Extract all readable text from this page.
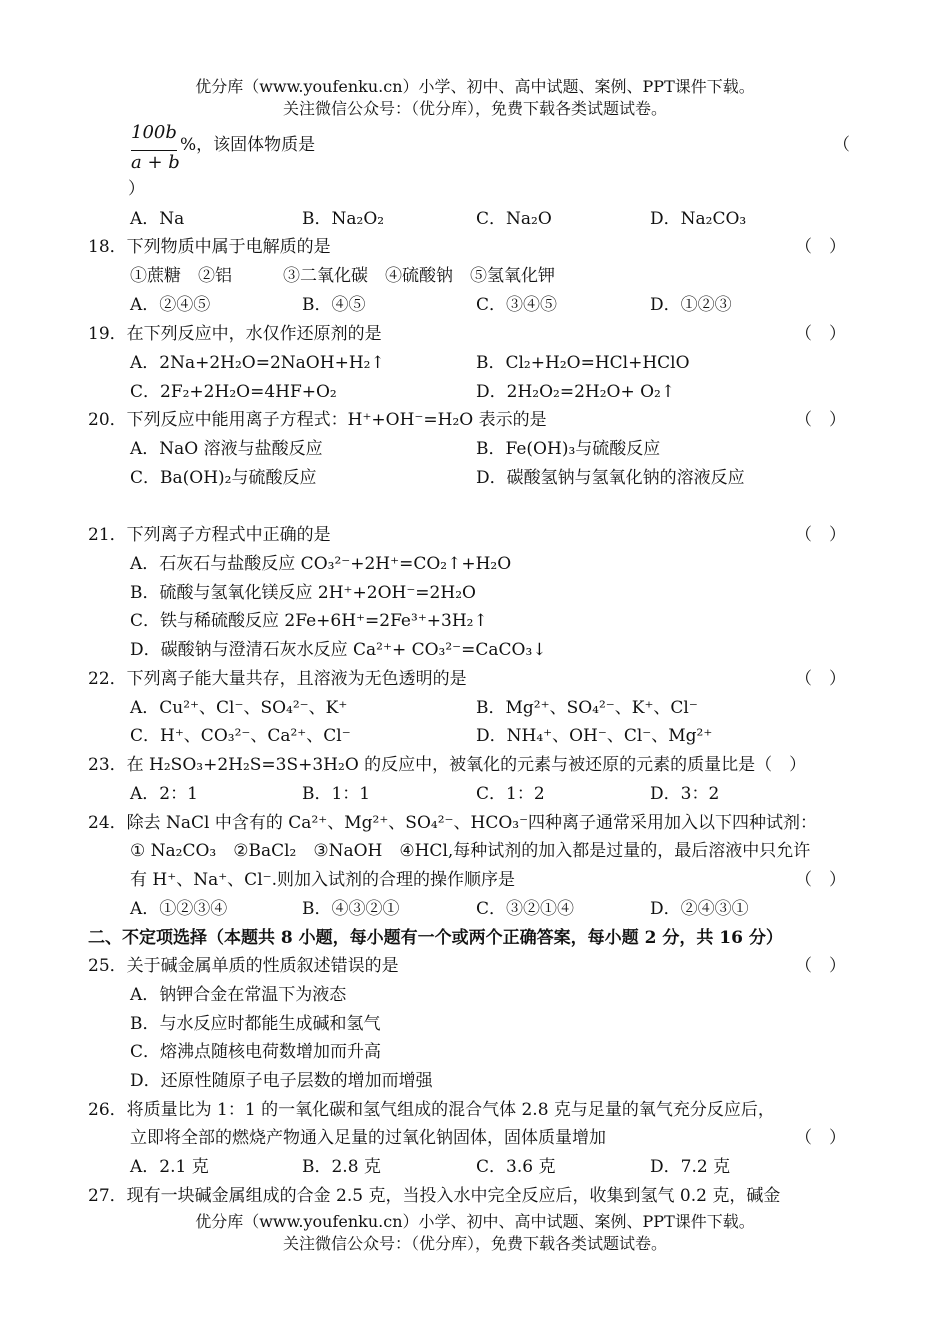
优分库（www.youfenku.cn）小学、初中、高中试题、案例、PPT课件下载。
关注微信公众号：（优分库），免费下载各类试题试卷。
100b
a + b
%，该固体物质是	（
）
A．Na	B．Na₂O₂	C．Na₂O	D．Na₂CO₃
18．下列物质中属于电解质的是	（　）
①蔗糖　②铝　　　③二氧化碳　④硫酸钠　⑤氢氧化钾
A．②④⑤	B．④⑤	C．③④⑤	D．①②③
19．在下列反应中，水仅作还原剂的是	（　）
A．2Na+2H₂O=2NaOH+H₂↑	B．Cl₂+H₂O=HCl+HClO
C．2F₂+2H₂O=4HF+O₂	D．2H₂O₂=2H₂O+ O₂↑
20．下列反应中能用离子方程式：H⁺+OH⁻=H₂O 表示的是	（　）
A．NaO 溶液与盐酸反应	B．Fe(OH)₃与硫酸反应
C．Ba(OH)₂与硫酸反应	D．碳酸氢钠与氢氧化钠的溶液反应
21．下列离子方程式中正确的是	（　）
A．石灰石与盐酸反应 CO₃²⁻+2H⁺=CO₂↑+H₂O
B．硫酸与氢氧化镁反应 2H⁺+2OH⁻=2H₂O
C．铁与稀硫酸反应 2Fe+6H⁺=2Fe³⁺+3H₂↑
D．碳酸钠与澄清石灰水反应 Ca²⁺+ CO₃²⁻=CaCO₃↓
22．下列离子能大量共存，且溶液为无色透明的是	（　）
A．Cu²⁺、Cl⁻、SO₄²⁻、K⁺	B．Mg²⁺、SO₄²⁻、K⁺、Cl⁻
C．H⁺、CO₃²⁻、Ca²⁺、Cl⁻	D．NH₄⁺、OH⁻、Cl⁻、Mg²⁺
23．在 H₂SO₃+2H₂S=3S+3H₂O 的反应中，被氧化的元素与被还原的元素的质量比是（　）
A．2：1	B．1：1	C．1：2	D．3：2
24．除去 NaCl 中含有的 Ca²⁺、Mg²⁺、SO₄²⁻、HCO₃⁻四种离子通常采用加入以下四种试剂：
① Na₂CO₃　②BaCl₂　③NaOH　④HCl,每种试剂的加入都是过量的，最后溶液中只允许
有 H⁺、Na⁺、Cl⁻.则加入试剂的合理的操作顺序是	（　）
A．①②③④	B．④③②①	C．③②①④	D．②④③①
二、不定项选择（本题共 8 小题，每小题有一个或两个正确答案，每小题 2 分，共 16 分）
25．关于碱金属单质的性质叙述错误的是	（　）
A．钠钾合金在常温下为液态
B．与水反应时都能生成碱和氢气
C．熔沸点随核电荷数增加而升高
D．还原性随原子电子层数的增加而增强
26．将质量比为 1：1 的一氧化碳和氢气组成的混合气体 2.8 克与足量的氧气充分反应后，
立即将全部的燃烧产物通入足量的过氧化钠固体，固体质量增加	（　）
A．2.1 克	B．2.8 克	C．3.6 克	D．7.2 克
27．现有一块碱金属组成的合金 2.5 克，当投入水中完全反应后，收集到氢气 0.2 克，碱金
优分库（www.youfenku.cn）小学、初中、高中试题、案例、PPT课件下载。
关注微信公众号：（优分库），免费下载各类试题试卷。
